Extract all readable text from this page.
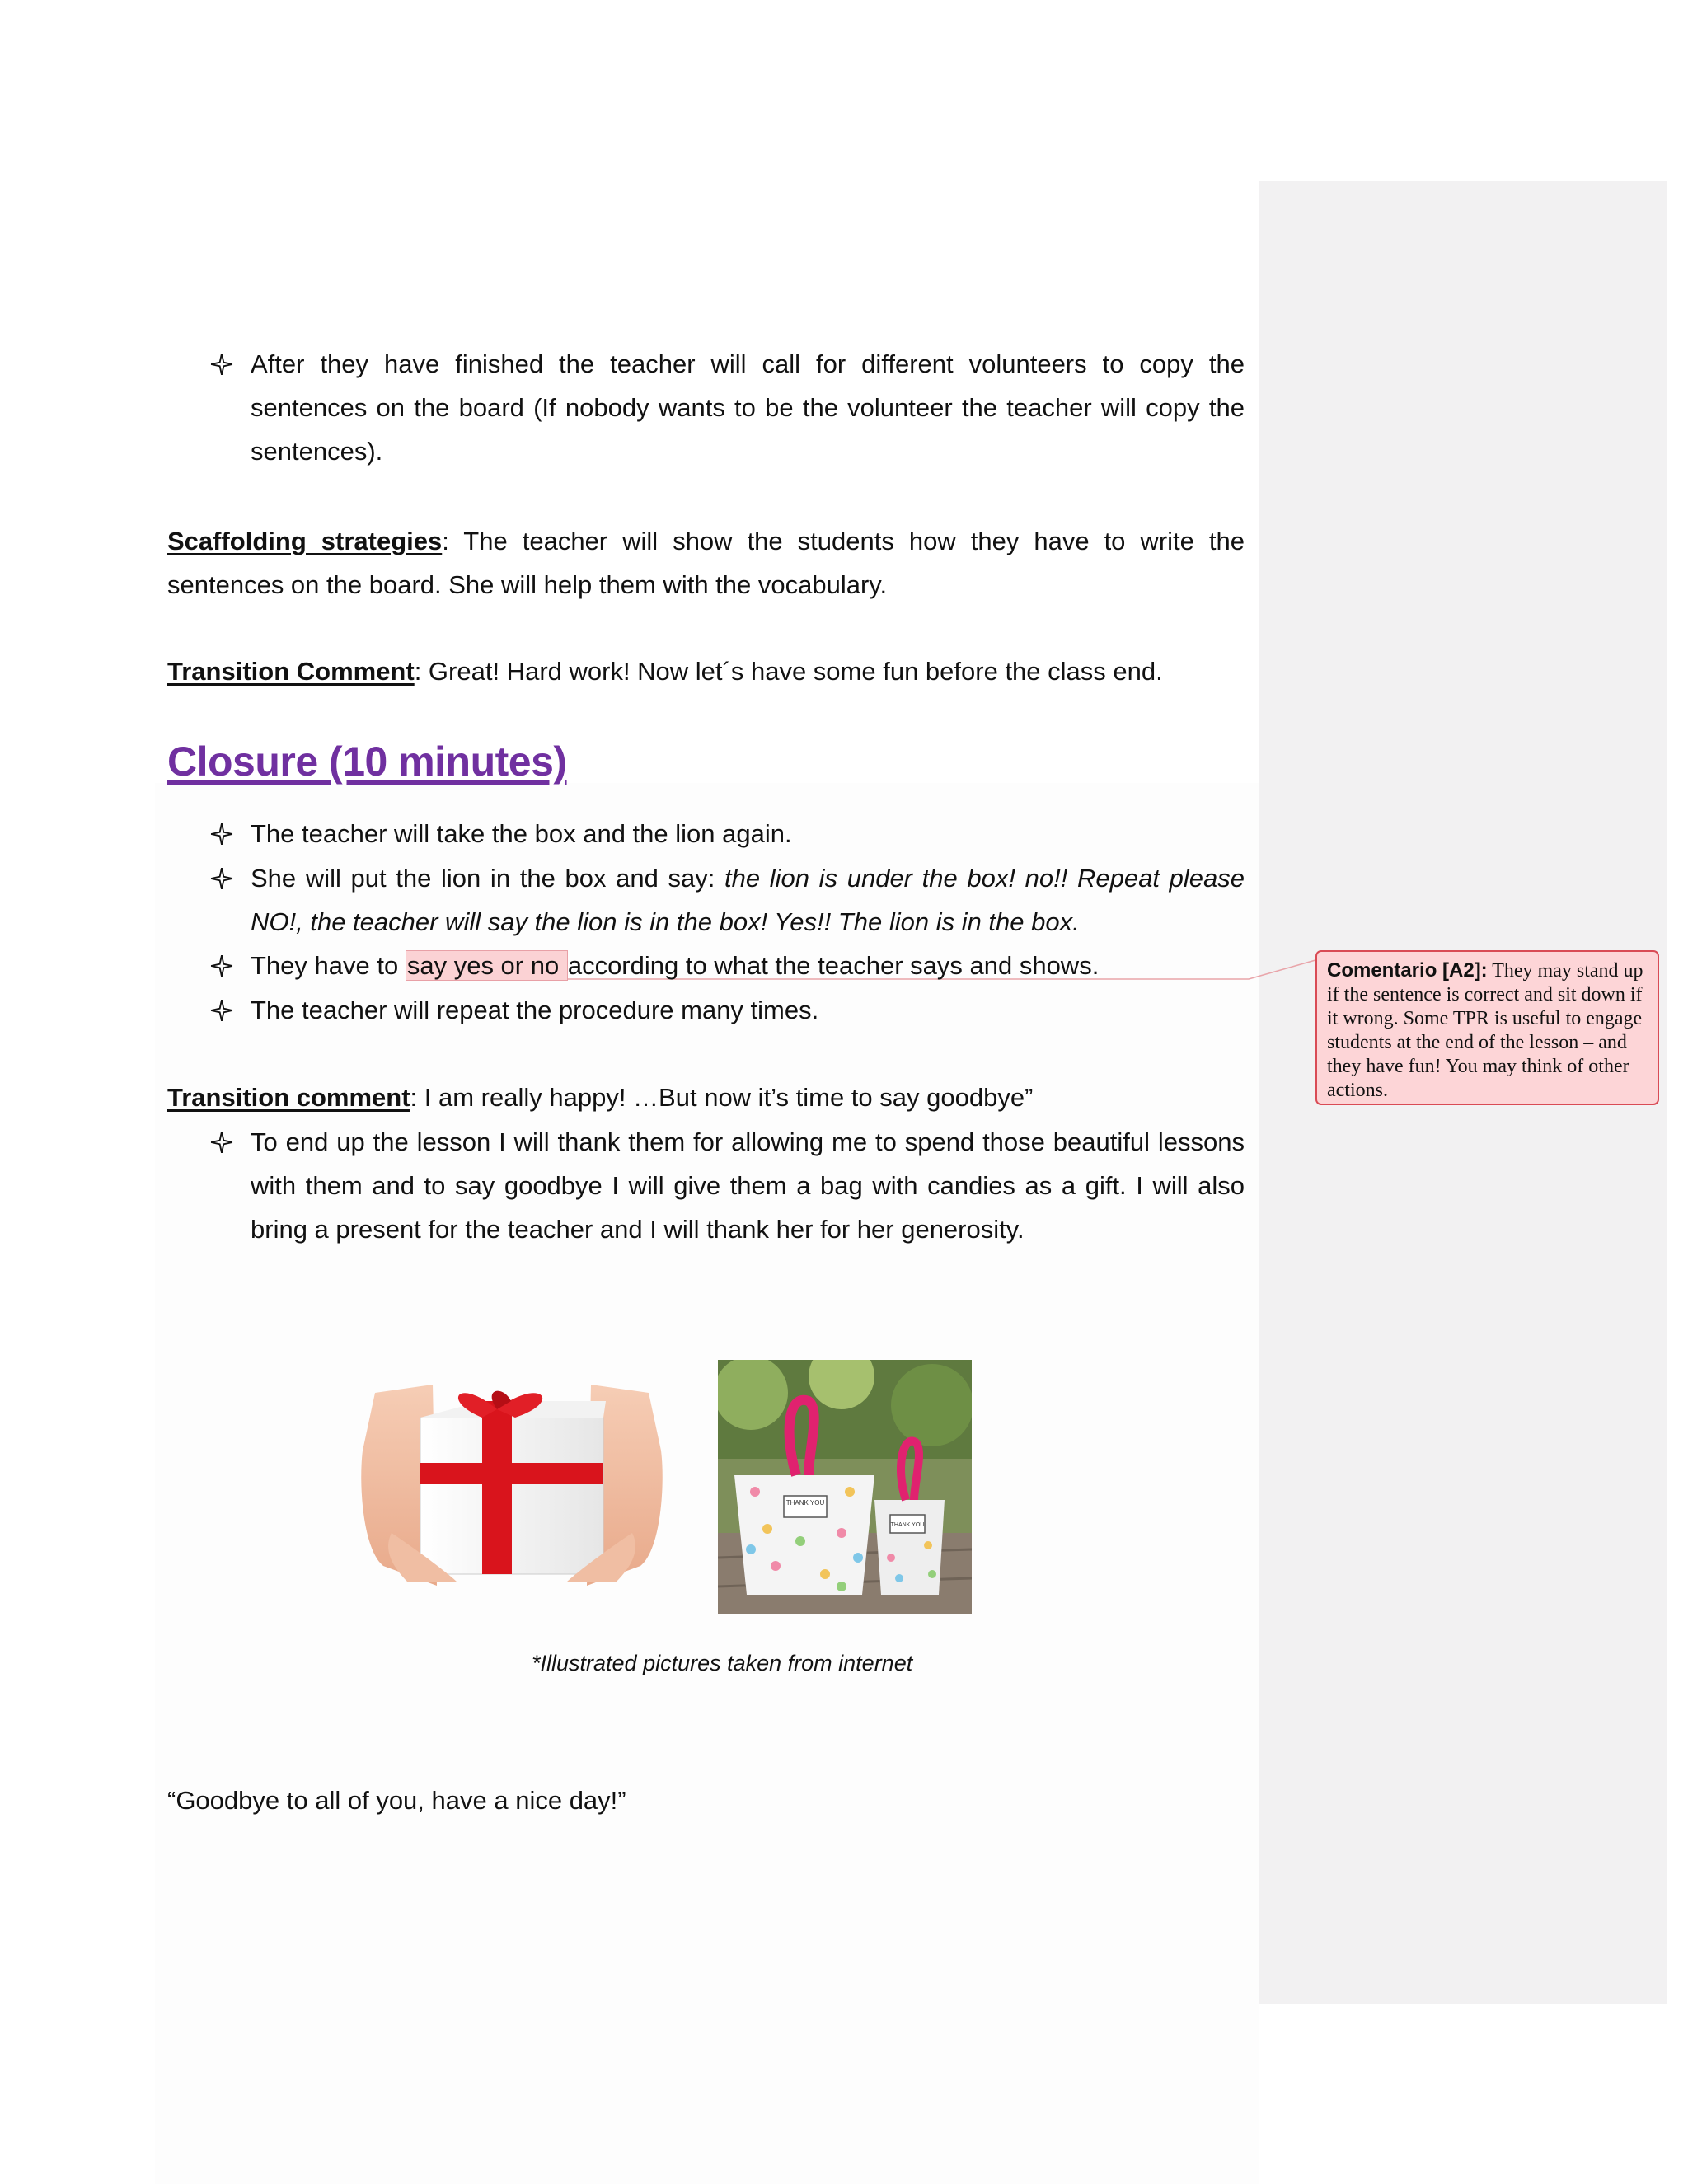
After they have finished the teacher will call for different volunteers to copy the sentences on the board (If nobody wants to be the volunteer the teacher will copy the sentences).
Scaffolding strategies: The teacher will show the students how they have to write the sentences on the board. She will help them with the vocabulary.
Transition Comment: Great! Hard work! Now let´s have some fun before the class end.
Closure (10 minutes)
The teacher will take the box and the lion again.
She will put the lion in the box and say: the lion is under the box! no!! Repeat please NO!, the teacher will say the lion is in the box! Yes!! The lion is in the box.
They have to say yes or no according to what the teacher says and shows.
The teacher will repeat the procedure many times.
Transition comment: I am really happy! …But now it’s time to say goodbye”
To end up the lesson I will thank them for allowing me to spend those beautiful lessons with them and to say goodbye I will give them a bag with candies as a gift. I will also bring a present for the teacher and I will thank her for her generosity.
*Illustrated pictures taken from internet
“Goodbye to all of you, have a nice day!”
THANK YOU
THANK YOU
Comentario [A2]: They may stand up if the sentence is correct and sit down if it wrong. Some TPR is useful to engage students at the end of the lesson – and they have fun! You may think of other actions.
